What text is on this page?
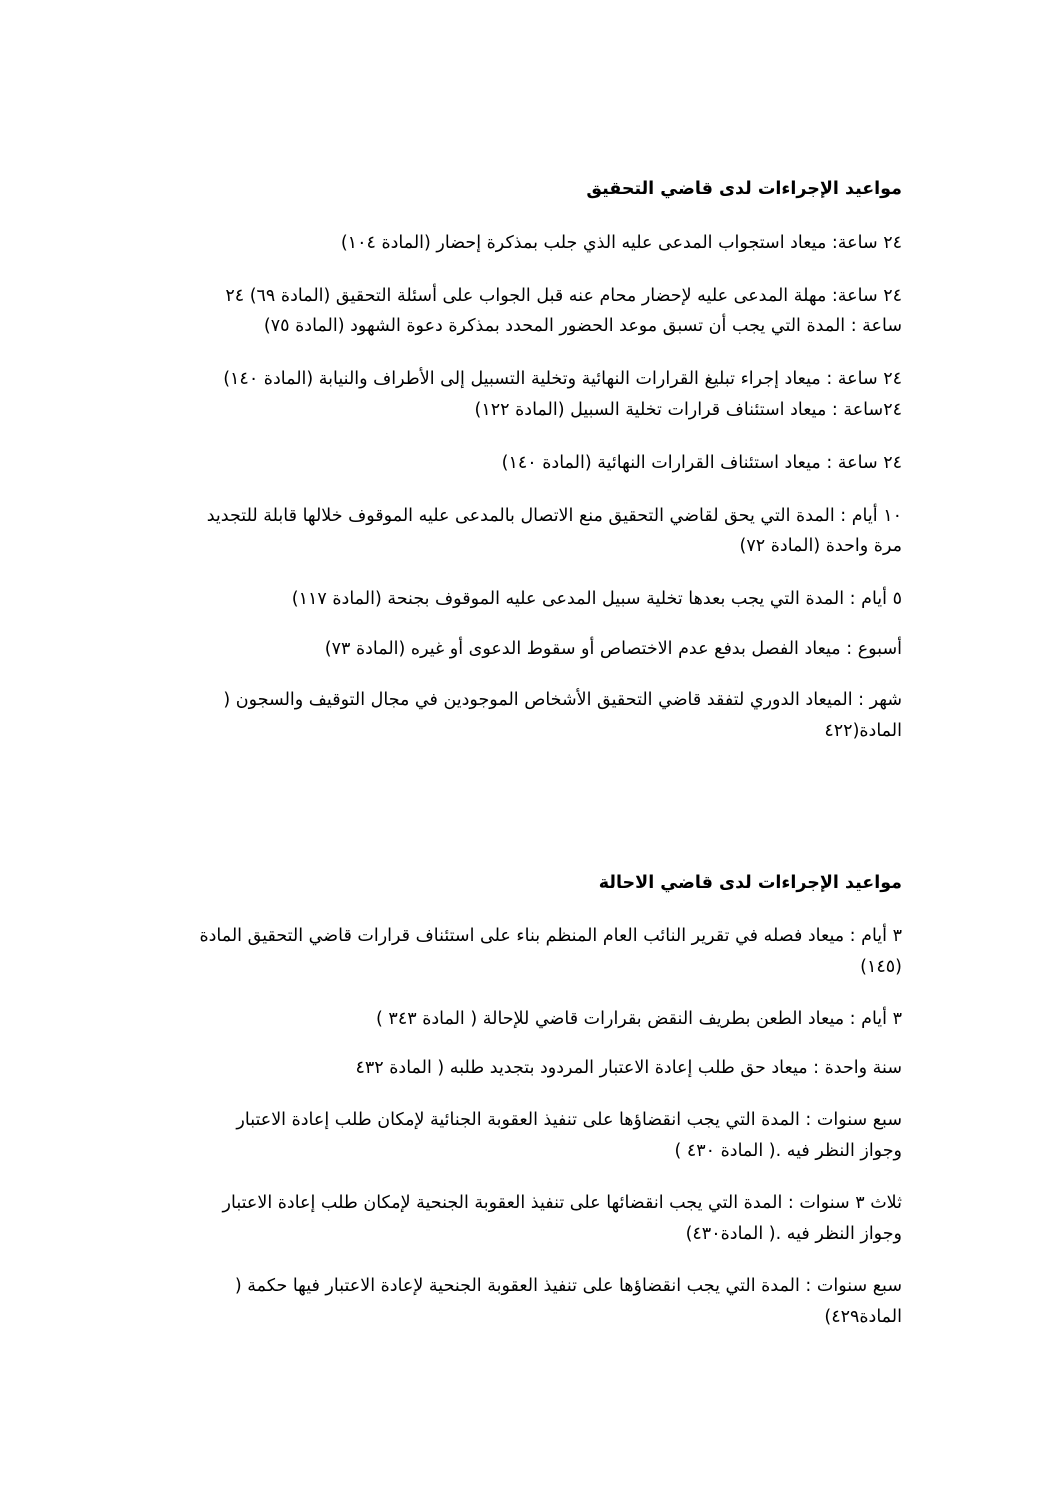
مواعيد الإجراءات لدى قاضي التحقيق
٢٤ ساعة: ميعاد استجواب المدعى عليه الذي جلب بمذكرة إحضار (المادة ١٠٤)
٢٤ ساعة: مهلة المدعى عليه لإحضار محام عنه قبل الجواب على أسئلة التحقيق (المادة ٦٩) ٢٤
ساعة : المدة التي يجب أن تسبق موعد الحضور المحدد بمذكرة دعوة الشهود (المادة ٧٥)
٢٤ ساعة : ميعاد إجراء تبليغ القرارات النهائية وتخلية التسبيل إلى الأطراف والنيابة (المادة ١٤٠)
٢٤ساعة : ميعاد استئناف قرارات تخلية السبيل (المادة ١٢٢)
٢٤ ساعة : ميعاد استئناف القرارات النهائية (المادة ١٤٠)
١٠ أيام : المدة التي يحق لقاضي التحقيق منع الاتصال بالمدعى عليه الموقوف خلالها قابلة للتجديد
مرة واحدة (المادة ٧٢)
٥ أيام : المدة التي يجب بعدها تخلية سبيل المدعى عليه الموقوف بجنحة (المادة ١١٧)
أسبوع : ميعاد الفصل بدفع عدم الاختصاص أو سقوط الدعوى أو غيره (المادة ٧٣)
شهر : الميعاد الدوري لتفقد قاضي التحقيق الأشخاص الموجودين في مجال التوقيف والسجون (
المادة(٤٢٢
مواعيد الإجراءات لدى قاضي الاحالة
٣ أيام : ميعاد فصله في تقرير النائب العام المنظم بناء على استئناف قرارات قاضي التحقيق المادة
(١٤٥)
٣ أيام : ميعاد الطعن بطريف النقض بقرارات قاضي للإحالة ( المادة ٣٤٣ )
سنة واحدة : ميعاد حق طلب إعادة الاعتبار المردود بتجديد طلبه ( المادة ٤٣٢
سبع سنوات : المدة التي يجب انقضاؤها على تنفيذ العقوبة الجنائية لإمكان طلب إعادة الاعتبار
وجواز النظر فيه .( المادة ٤٣٠ )
ثلاث ٣ سنوات : المدة التي يجب انقضائها على تنفيذ العقوبة الجنحية لإمكان طلب إعادة الاعتبار
وجواز النظر فيه .( المادة٤٣٠)
سبع سنوات : المدة التي يجب انقضاؤها على تنفيذ العقوبة الجنحية لإعادة الاعتبار فيها حكمة (
المادة٤٢٩)
